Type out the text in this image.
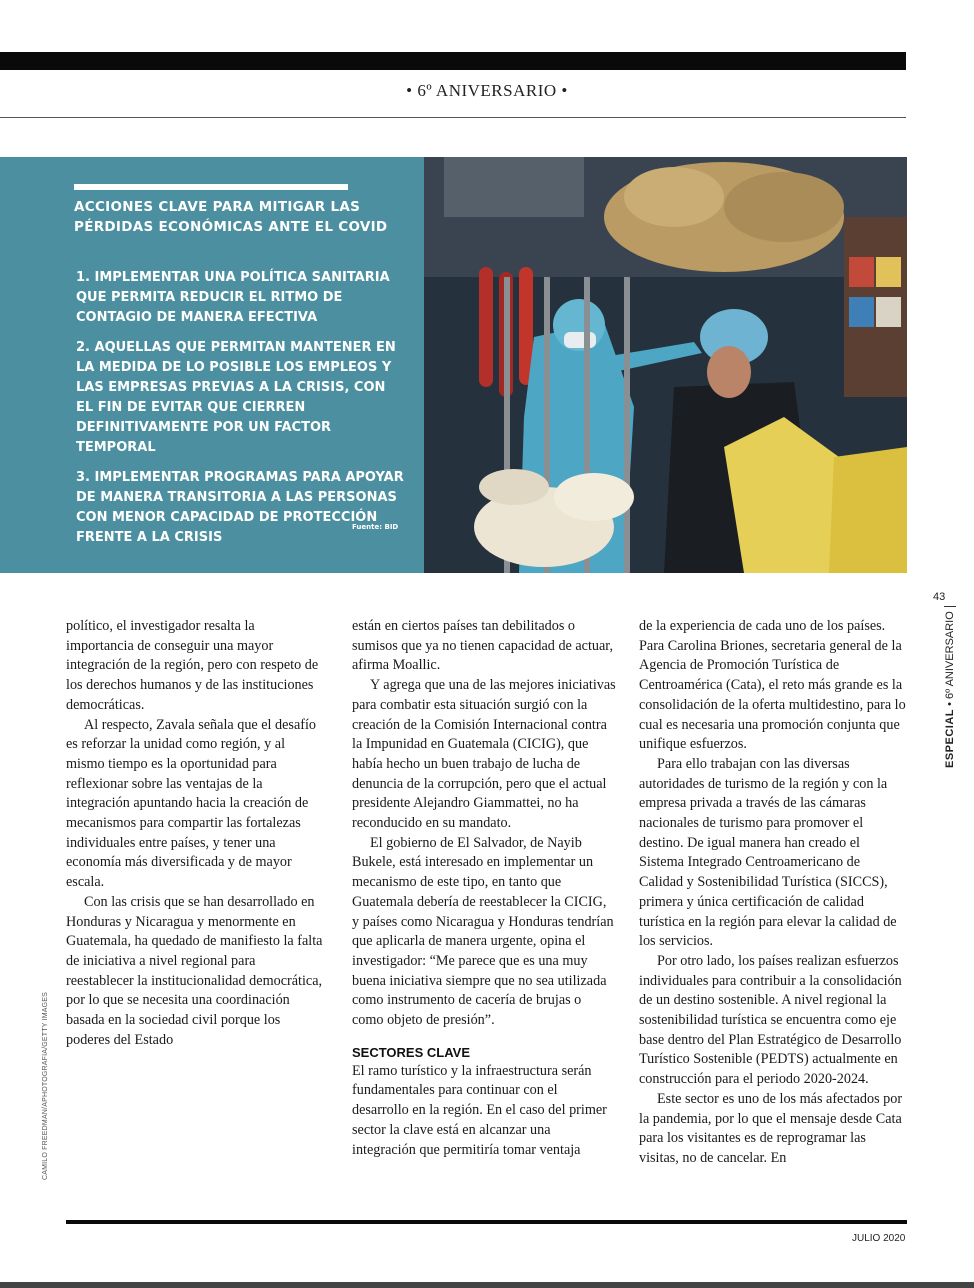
• 6º ANIVERSARIO •
ACCIONES CLAVE PARA MITIGAR LAS PÉRDIDAS ECONÓMICAS ANTE EL COVID
1. IMPLEMENTAR UNA POLÍTICA SANITARIA QUE PERMITA REDUCIR EL RITMO DE CONTAGIO DE MANERA EFECTIVA
2. AQUELLAS QUE PERMITAN MANTENER EN LA MEDIDA DE LO POSIBLE LOS EMPLEOS Y LAS EMPRESAS PREVIAS A LA CRISIS, CON EL FIN DE EVITAR QUE CIERREN DEFINITIVAMENTE POR UN FACTOR TEMPORAL
3. IMPLEMENTAR PROGRAMAS PARA APOYAR DE MANERA TRANSITORIA A LAS PERSONAS CON MENOR CAPACIDAD DE PROTECCIÓN FRENTE A LA CRISIS
Fuente: BID
43
ESPECIAL • 6º ANIVERSARIO
CAMILO FREEDMAN/APHOTOGRAFIA/GETTY IMAGES

político, el investigador resalta la importancia de conseguir una mayor integración de la región, pero con respeto de los derechos humanos y de las instituciones democráticas.

Al respecto, Zavala señala que el desafío es reforzar la unidad como región, y al mismo tiempo es la oportunidad para reflexionar sobre las ventajas de la integración apuntando hacia la creación de mecanismos para compartir las fortalezas individuales entre países, y tener una economía más diversificada y de mayor escala.

Con las crisis que se han desarrollado en Honduras y Nicaragua y menormente en Guatemala, ha quedado de manifiesto la falta de iniciativa a nivel regional para reestablecer la institucionalidad democrática, por lo que se necesita una coordinación basada en la sociedad civil porque los poderes del Estado

están en ciertos países tan debilitados o sumisos que ya no tienen capacidad de actuar, afirma Moallic.

Y agrega que una de las mejores iniciativas para combatir esta situación surgió con la creación de la Comisión Internacional contra la Impunidad en Guatemala (CICIG), que había hecho un buen trabajo de lucha de denuncia de la corrupción, pero que el actual presidente Alejandro Giammattei, no ha reconducido en su mandato.

El gobierno de El Salvador, de Nayib Bukele, está interesado en implementar un mecanismo de este tipo, en tanto que Guatemala debería de reestablecer la CICIG, y países como Nicaragua y Honduras tendrían que aplicarla de manera urgente, opina el investigador: “Me parece que es una muy buena iniciativa siempre que no sea utilizada como instrumento de cacería de brujas o como objeto de presión”.

SECTORES CLAVE

El ramo turístico y la infraestructura serán fundamentales para continuar con el desarrollo en la región. En el caso del primer sector la clave está en alcanzar una integración que permitiría tomar ventaja

de la experiencia de cada uno de los países. Para Carolina Briones, secretaria general de la Agencia de Promoción Turística de Centroamérica (Cata), el reto más grande es la consolidación de la oferta multidestino, para lo cual es necesaria una promoción conjunta que unifique esfuerzos.

Para ello trabajan con las diversas autoridades de turismo de la región y con la empresa privada a través de las cámaras nacionales de turismo para promover el destino. De igual manera han creado el Sistema Integrado Centroamericano de Calidad y Sostenibilidad Turística (SICCS), primera y única certificación de calidad turística en la región para elevar la calidad de los servicios.

Por otro lado, los países realizan esfuerzos individuales para contribuir a la consolidación de un destino sostenible. A nivel regional la sostenibilidad turística se encuentra como eje base dentro del Plan Estratégico de Desarrollo Turístico Sostenible (PEDTS) actualmente en construcción para el periodo 2020-2024.

Este sector es uno de los más afectados por la pandemia, por lo que el mensaje desde Cata para los visitantes es de reprogramar las visitas, no de cancelar. En

JULIO 2020
